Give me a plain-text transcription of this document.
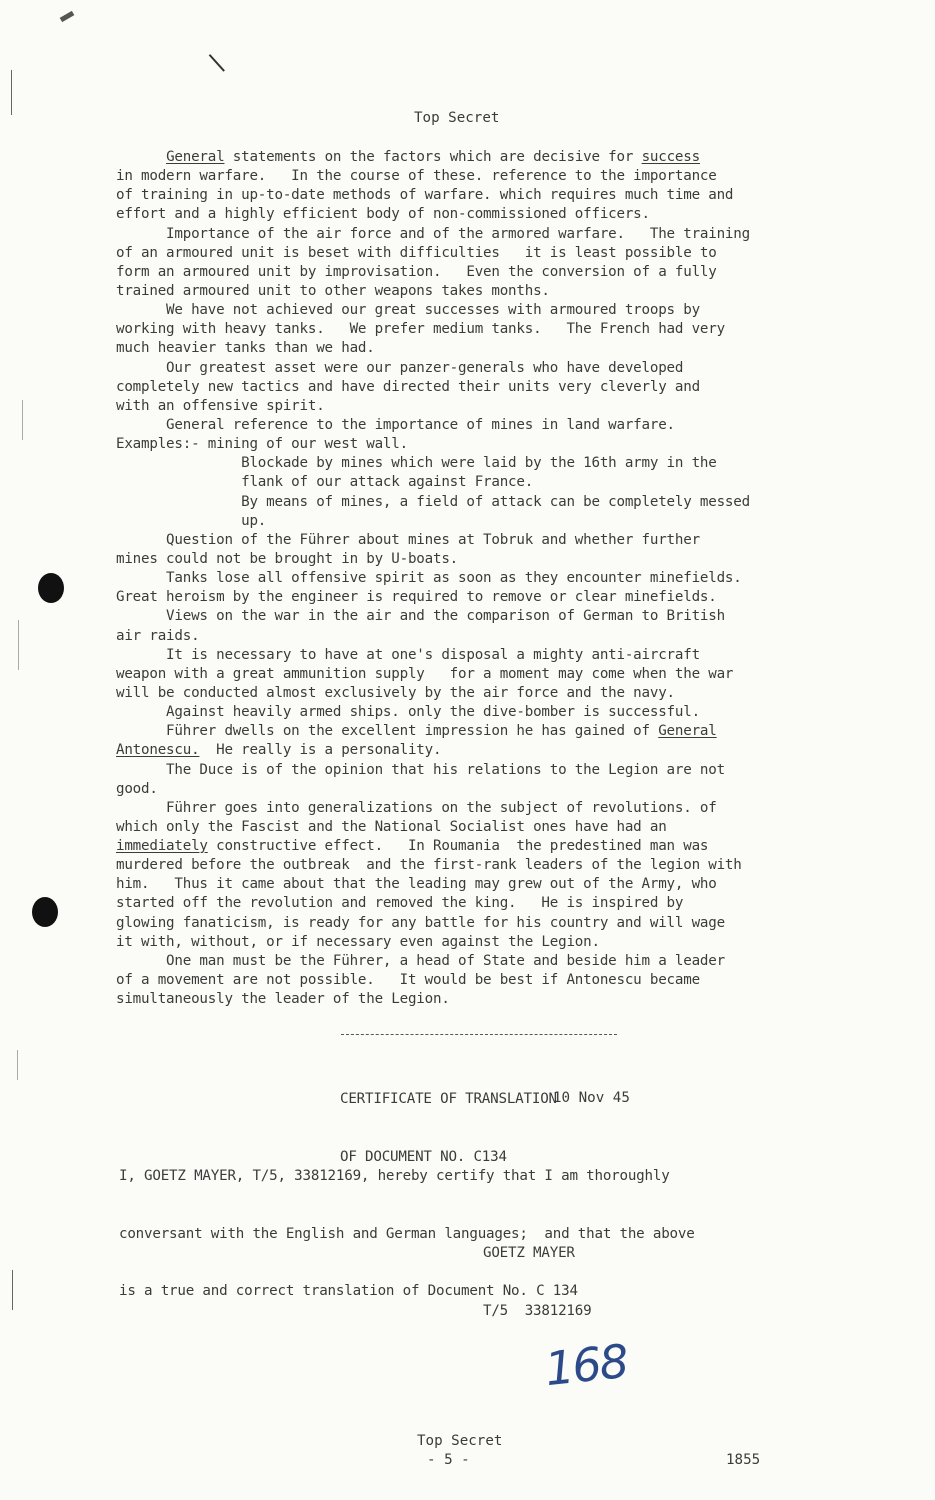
Top Secret
General statements on the factors which are decisive for success
in modern warfare.   In the course of these. reference to the importance
of training in up-to-date methods of warfare. which requires much time and
effort and a highly efficient body of non-commissioned officers.
Importance of the air force and of the armored warfare.   The training
of an armoured unit is beset with difficulties   it is least possible to
form an armoured unit by improvisation.   Even the conversion of a fully
trained armoured unit to other weapons takes months.
We have not achieved our great successes with armoured troops by
working with heavy tanks.   We prefer medium tanks.   The French had very
much heavier tanks than we had.
Our greatest asset were our panzer-generals who have developed
completely new tactics and have directed their units very cleverly and
with an offensive spirit.
General reference to the importance of mines in land warfare.
Examples:- mining of our west wall.
Blockade by mines which were laid by the 16th army in the
flank of our attack against France.
By means of mines, a field of attack can be completely messed
up.
Question of the Führer about mines at Tobruk and whether further
mines could not be brought in by U-boats.
Tanks lose all offensive spirit as soon as they encounter minefields.
Great heroism by the engineer is required to remove or clear minefields.
Views on the war in the air and the comparison of German to British
air raids.
It is necessary to have at one's disposal a mighty anti-aircraft
weapon with a great ammunition supply   for a moment may come when the war
will be conducted almost exclusively by the air force and the navy.
Against heavily armed ships. only the dive-bomber is successful.
Führer dwells on the excellent impression he has gained of General
Antonescu.  He really is a personality.
The Duce is of the opinion that his relations to the Legion are not
good.
Führer goes into generalizations on the subject of revolutions. of
which only the Fascist and the National Socialist ones have had an
immediately constructive effect.   In Roumania  the predestined man was
murdered before the outbreak  and the first-rank leaders of the legion with
him.   Thus it came about that the leading may grew out of the Army, who
started off the revolution and removed the king.   He is inspired by
glowing fanaticism, is ready for any battle for his country and will wage
it with, without, or if necessary even against the Legion.
One man must be the Führer, a head of State and beside him a leader
of a movement are not possible.   It would be best if Antonescu became
simultaneously the leader of the Legion.

CERTIFICATE OF TRANSLATION

OF DOCUMENT NO. C134

10 Nov 45

I, GOETZ MAYER, T/5, 33812169, hereby certify that I am thoroughly

conversant with the English and German languages;  and that the above

is a true and correct translation of Document No. C 134

GOETZ MAYER

T/5  33812169

168
Top Secret
- 5 -	1855
